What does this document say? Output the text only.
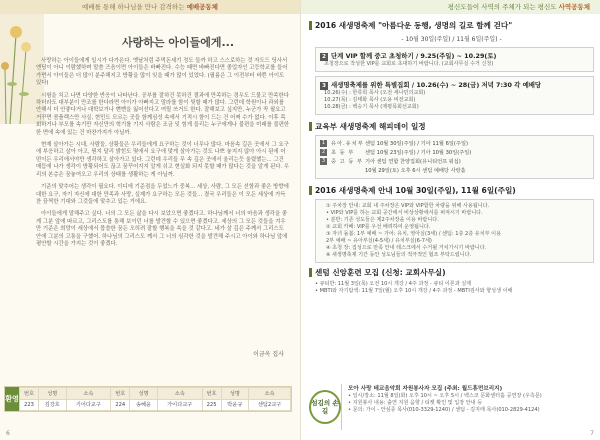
예배를 통해 하나님을 만나 감격하는 예배공동체
사랑하는 아이들에게...

사랑하는 아이들에게 일시가 다가온다. 옛날처럼 주먹돈세기 정도 들까 하고 스스로하는 것 자도드 딩사서 엔딩이 아니 이람했하며 말씀 즈음이면 아이들은 바빠진다. 수능 때면 바빠진다면 졸업자인 고등학교를 들어가면서 아이들은 더 많이 분주해지고 방황을 많이 잊을 때가 많이 있었다. (필름은 그 이전부터 바쁜 아이도 있다)

시험을 치고 나면 다양한 반응이 나타난다. 공부를 잘하건 못하건 결과에 만족하는 경우도 드물고 만족한다 하더라도 대부분이 만조를 한다라면 아이가 아빠지고 말라를 함이 뒷할 때가 많다. 그런데 학원이나 과외를 안해서 더 안좋다거나 대학보거나 뻔뻔을 잃어선다고 여릴 쓰거도 한다. 잘해보고 싶지만, 누군가 꼭 필요고 거꾸면 콤플렉스만 사실, 현민도 모르는 곳들 함께심성 속에서 기적시 함이 드는 건 어쩌 수가 없다. 이후 목회하거나 부모를 속기만 자신만의 혁기를 기지 사람은 조금 잊 힘게 들리는 누구에게나 불편을 미래를 불편한한 면에 속에 있는 건 마찬가지가 아닐까.

현재 살아가는 시대, 사람들, 상황들은 우리들에게 요구하는 것이 너무나 많다. 마음속 길은 곳에서 그 요구에 부응하고 살아 아고, 뭔지 달리 밝힌도 몇에서 요구에 맞게 살아가는 것도 나쁘 놓지지 않아 아시 된에 어떤이든 우리에서야만 생각하고 살아가고 있다. 그런데 우리들 무 속 깊은 곳에서 울리는듯 울렸했는... 그건 매듭에 나가 생각이 방황되어도 끊고 꿈꾸어지지 알게 쉬고 현실화 되지 못할 때가 많다는 것을 알게 된다. 우리의 본층은 꿈놓여오고 우리의 상태를 생활하는 게 아닐까.

기준의 맞추어는 생각이 필요다. 이디에 기준점을 두었느가 중복... 세상, 사람, 그 모든 선함과 좋은 방향에 대한 요구, 자기 자신에 대한 만족과 사랑, 실제가 요구하는 모든 것들... 결국 우리들은 이 모든 세상에 가득 찬 끔찍한 기대와 그것들에 맞추고 있는 거에요.

아이들에게 말해주고 싶다. 너의 그 모든 삶을 다시 보았으면 좋겠다고. 하나님께서 너의 마음과 생각을 좋게 그분 앞에 따르고, 그리스도를 통해 보이던 너를 발견할 수 있으면 좋겠다고. 세상의 그 모든 것들을 겨우만 기준은 희망이 세상에서 몹쓸한 꿈든 오히려 잘할 행복을 속을 것 같다고. 네가 살 깊은 주께서 그리스도 안에 그분의 고통을 구했어. 하나님의 그리스도 께서 그 너의 심각한 것을 발견해 주시고 아이와 하나님 앞에 평안할 시간을 가지는 것이 좋겠다.

이금옥 집사
환영
번호	성명	소속	번호	성명	소속	번호	성명	소속
223	김강호	기어다교구	224	송혜윤	가이다교구	225	박윤규	센텀2교구
6
평신도들이 사역의 주체가 되는 평신도 사역공동체
2016 새생명축제 "아름다운 동행, 생명의 길로 함께 걷다"
- 10월 30일(주일) / 11월 6일(주일) -
2 단계 VIP 할께 중고 초청하기 / 9.25(주일) ~ 10.29(토)
초청장으로 작성한 VIP를 교회로 초대하기 바랍니다. (교회사무실 수거 신청)
3 새생명축제를 위한 특별집회 / 10.26(수) ~ 28(금) 저녁 7:30 각 예배당
10.26(수) : 한류희 목사 (오전 세나민의교회)
10.27(목) : 김태화 목사 (오용 비전교회)
10.28(금) : 백승기 목사 (제평목회선교회)
교육부 새생명축제 해피데이 일정
1	유아.유치부 센텀 10월 30일(주일) / 기아 11월 6일(주일)
2	초 등 부	센텀 10월 23일(주일) / 기아 10월 30일(주일)
3	중 고 등 부 기아 센텀 연합 찬양집회(유니티언프 워십)
10월 29일(토) 오후 6시 센텀 예배당 사랑홀
2016 새생명축제 안내 10월 30일(주일), 11월 6일(주일)
① 주차장 안내: 교회 내 주차장은 VIP와 VIP함한 차량을 위해 사용됩니다.
• VIP와 VIP를 하는 교회 공간에서 비상상황에서를 퍼져시기 바랍니다.
• 분반: 기존 성도들은 제2주차장을 이용 바랍니다.
② 교회 카페: VIP를 우선 배려하여 운영됩니다.
③ 자녀 돌봄: 1부 예배 ~ 가어: 유치, 영아실(3세) / 센텀: 1층 2층 유치부 이용
2부 예배 ~ 유아부실(4-5세) / 유치부실(6-7세)
④ 초청 장: 집성으로 만족 안내 테스크에서 수거될 거치가시기 바랍니다.
※ 새생명축제 기간 동안 성도님들의 적극적인 협조 부탁드립니다.
센텀 신앙훈련 모집 (신청: 교회사무실)
• 큐티반: 11월 3일(목) 오전 10시 개강 / 4주 과정 - 큐티 이론과 실제
• MBTI와 자기탐색: 11월 7일(월) 오후 10시 개강 / 4주 과정 - MBTI검사와 향성생 이해
섬김의 손길
모아 사랑 테교음악회 자원봉사자 모집 (주최: 월드휴먼브리지)
• 일시/장소: 11월 8일(화) 오후 10시 ~ 오후 5시 / 벡스코 문화센터홀 공연장 (우측문)
• 지원봉사 내용: 출연 지원 음향 / 티켓 확인 및 입장 안내 등
• 문의: 가이 - 안심종 목사(010-3329-1240) / 센텀 - 김지태 목사(010-2829-4124)
7
